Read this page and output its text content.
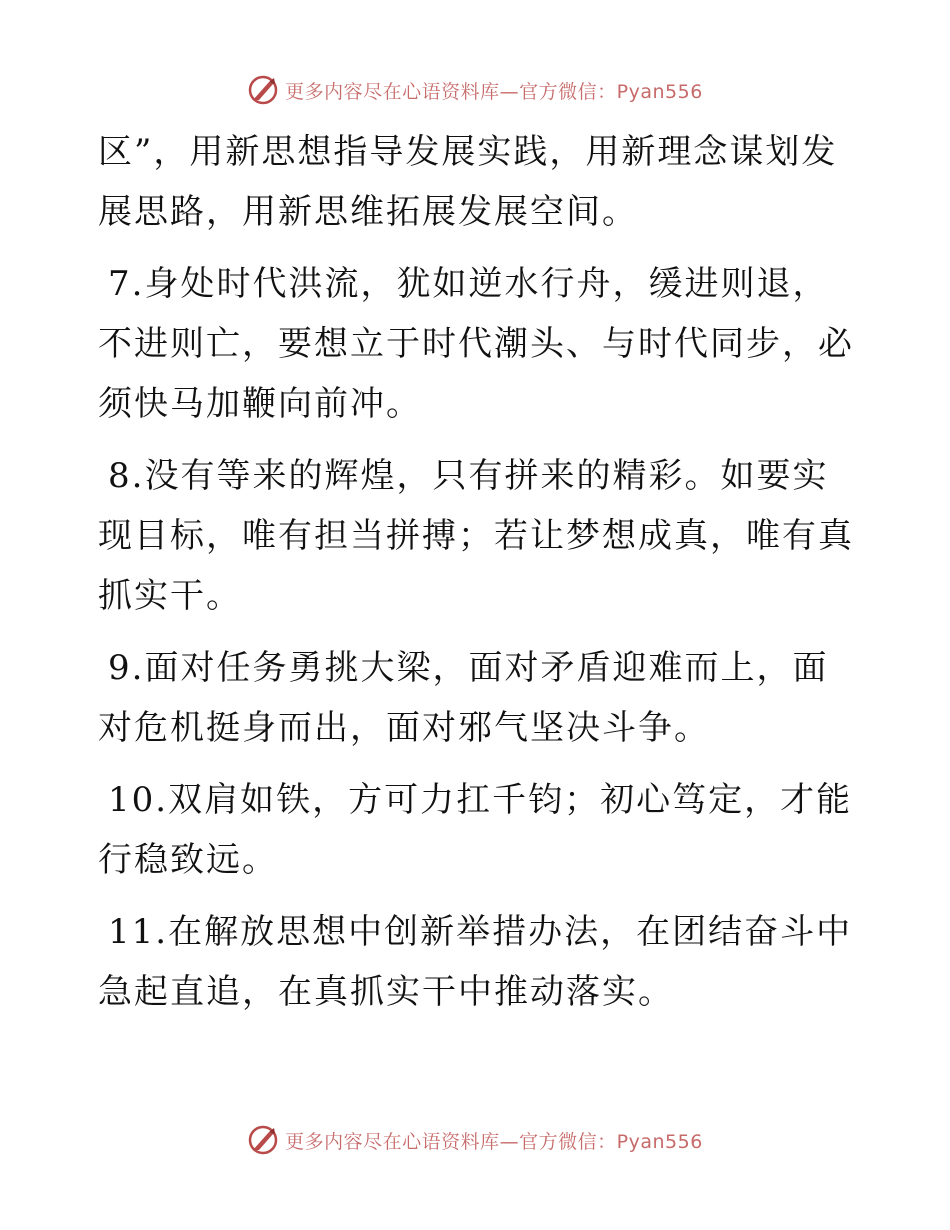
更多内容尽在心语资料库—官方微信：Pyan556

区”，用新思想指导发展实践，用新理念谋划发展思路，用新思维拓展发展空间。

7.身处时代洪流，犹如逆水行舟，缓进则退，不进则亡，要想立于时代潮头、与时代同步，必须快马加鞭向前冲。

8.没有等来的辉煌，只有拼来的精彩。如要实现目标，唯有担当拼搏；若让梦想成真，唯有真抓实干。

9.面对任务勇挑大梁，面对矛盾迎难而上，面对危机挺身而出，面对邪气坚决斗争。

10.双肩如铁，方可力扛千钧；初心笃定，才能行稳致远。

11.在解放思想中创新举措办法，在团结奋斗中急起直追，在真抓实干中推动落实。

更多内容尽在心语资料库—官方微信：Pyan556
